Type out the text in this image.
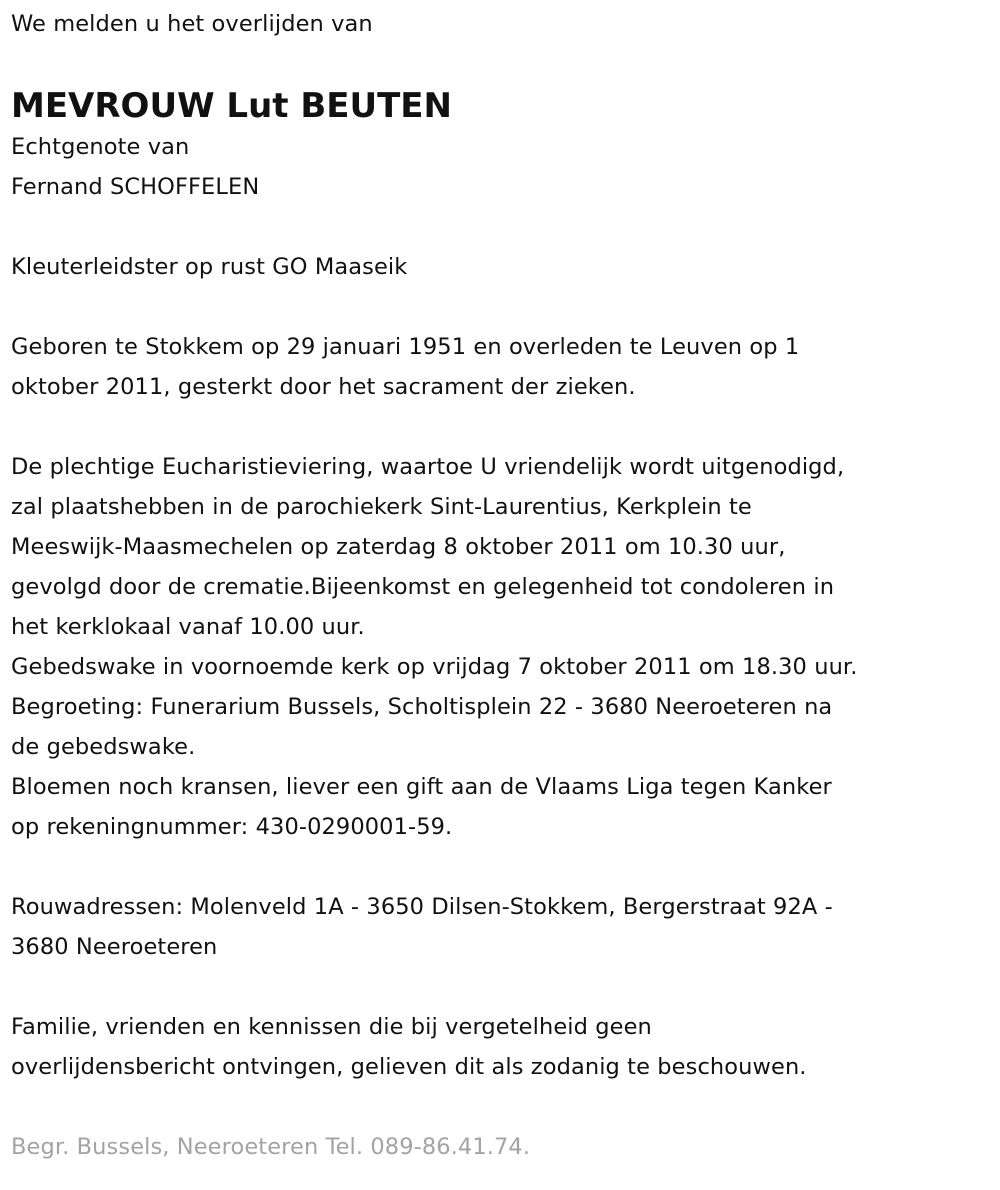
We melden u het overlijden van
MEVROUW Lut BEUTEN
Echtgenote van
Fernand SCHOFFELEN
Kleuterleidster op rust GO Maaseik
Geboren te Stokkem op 29 januari 1951 en overleden te Leuven op 1
oktober 2011, gesterkt door het sacrament der zieken.
De plechtige Eucharistieviering, waartoe U vriendelijk wordt uitgenodigd,
zal plaatshebben in de parochiekerk Sint-Laurentius, Kerkplein te
Meeswijk-Maasmechelen op zaterdag 8 oktober 2011 om 10.30 uur,
gevolgd door de crematie.Bijeenkomst en gelegenheid tot condoleren in
het kerklokaal vanaf 10.00 uur.
Gebedswake in voornoemde kerk op vrijdag 7 oktober 2011 om 18.30 uur.
Begroeting: Funerarium Bussels, Scholtisplein 22 - 3680 Neeroeteren na
de gebedswake.
Bloemen noch kransen, liever een gift aan de Vlaams Liga tegen Kanker
op rekeningnummer: 430-0290001-59.
Rouwadressen: Molenveld 1A - 3650 Dilsen-Stokkem, Bergerstraat 92A -
3680 Neeroeteren
Familie, vrienden en kennissen die bij vergetelheid geen
overlijdensbericht ontvingen, gelieven dit als zodanig te beschouwen.
Begr. Bussels, Neeroeteren Tel. 089-86.41.74.
